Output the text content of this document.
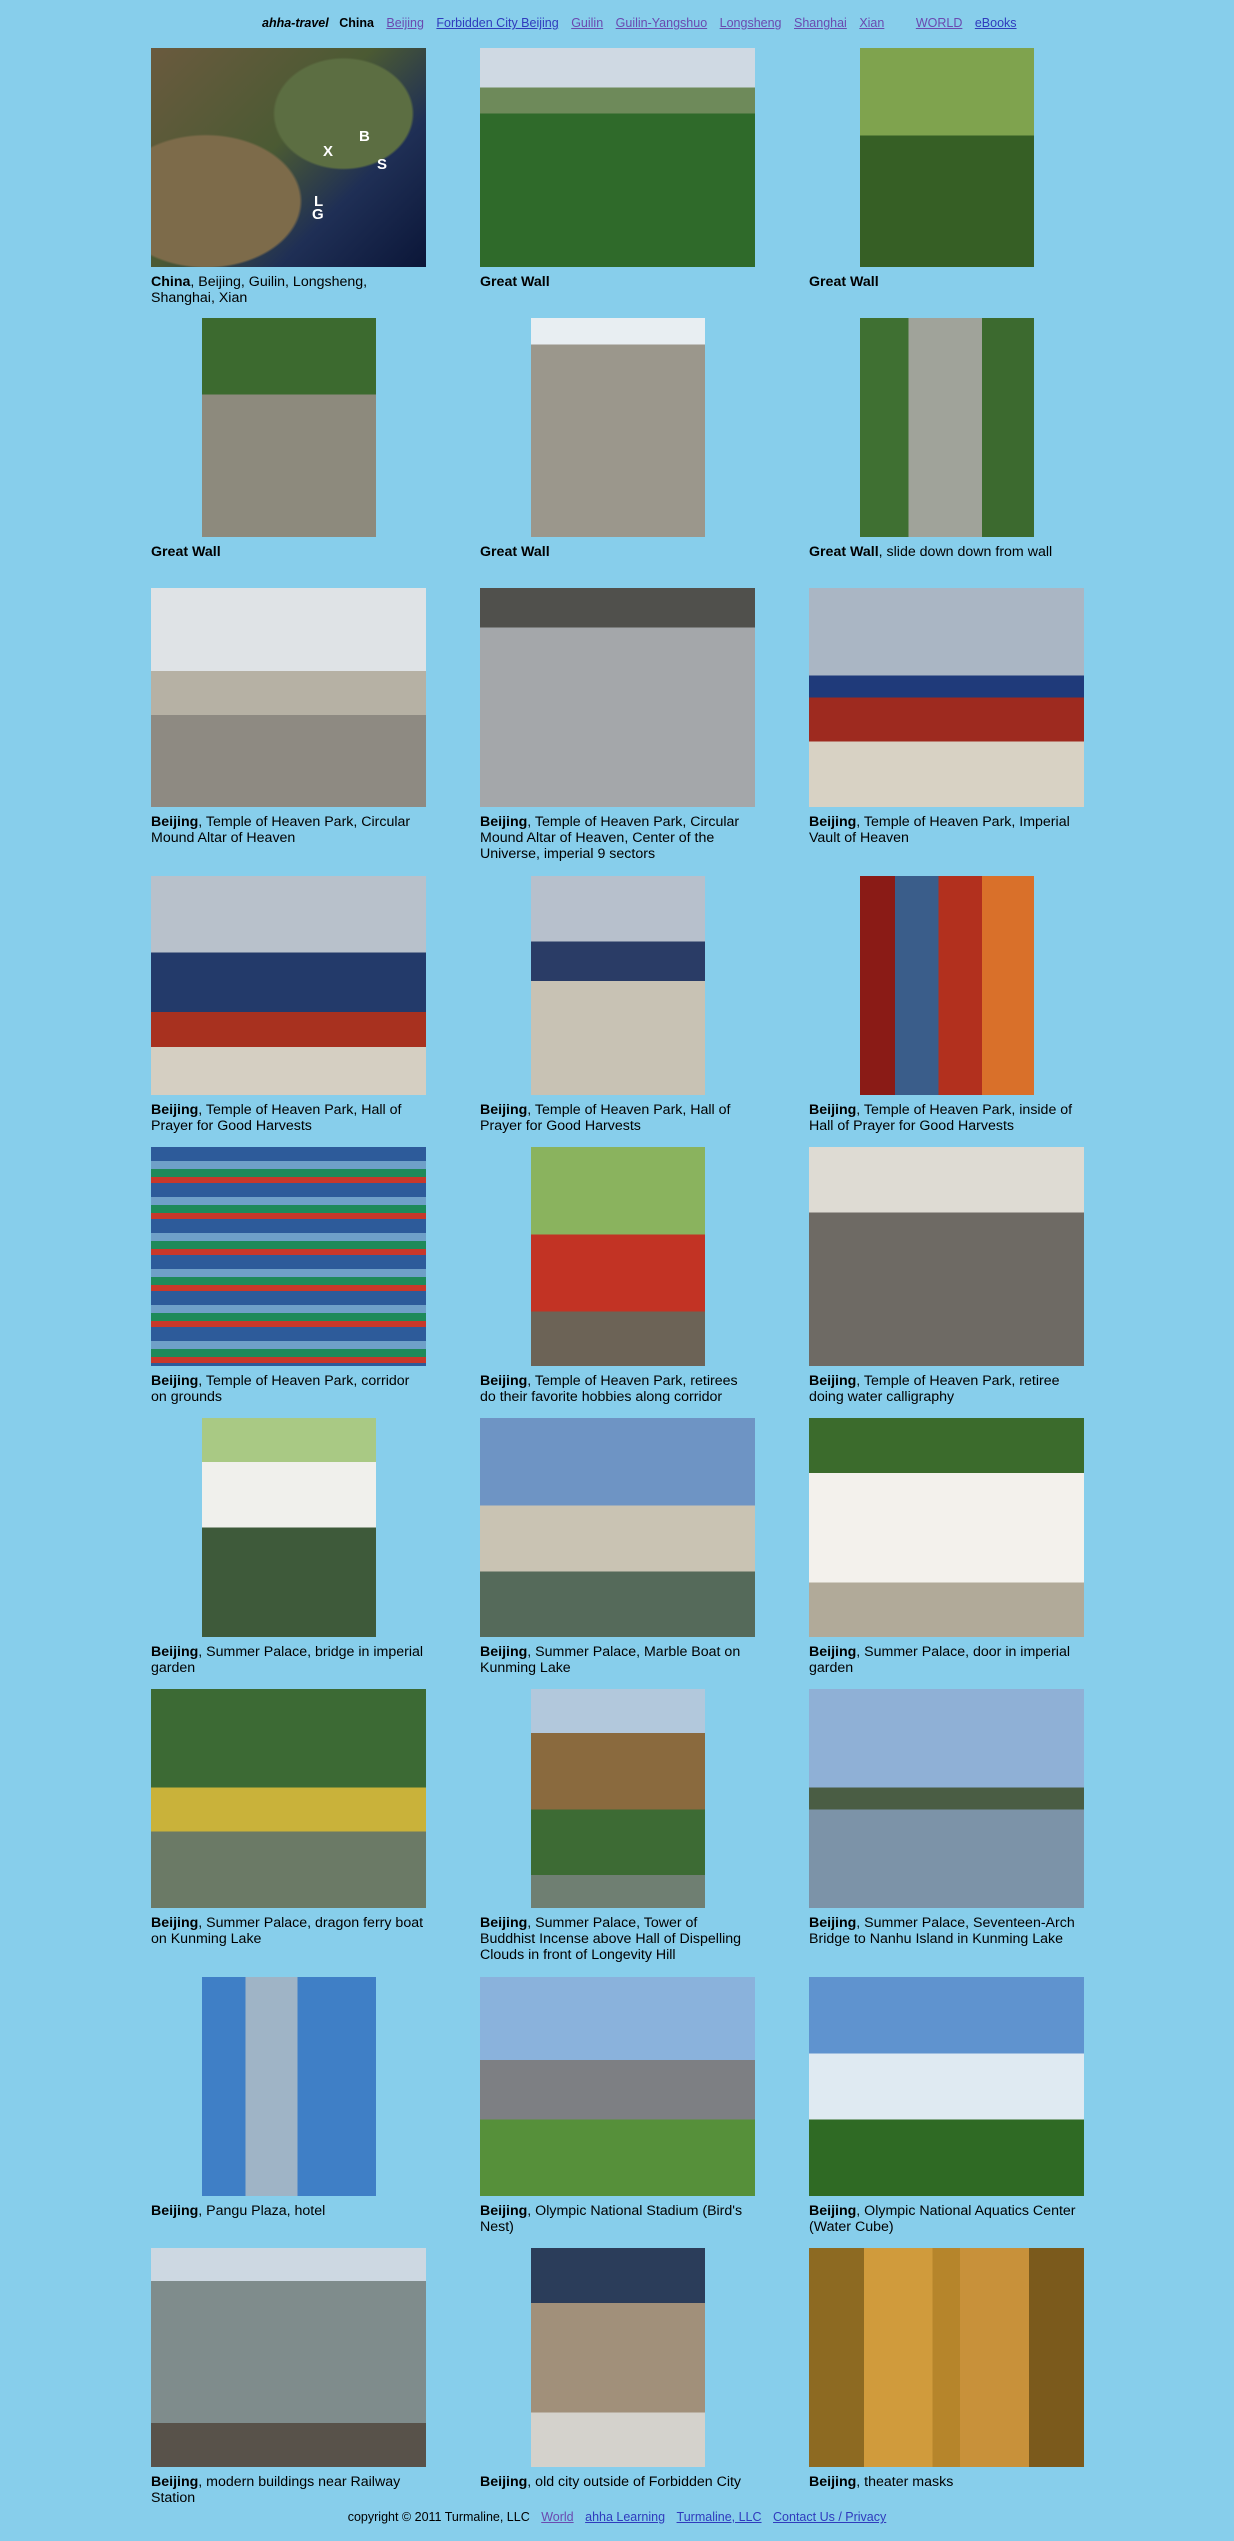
ahha-travel China Beijing Forbidden City Beijing Guilin Guilin-Yangshuo Longsheng Shanghai Xian	WORLD eBooks
B
X
S
L
G

China, Beijing, Guilin, Longsheng, Shanghai, Xian

Great Wall	Great Wall

Great Wall	Great Wall	Great Wall, slide down down from wall

Beijing, Temple of Heaven Park, Circular Mound Altar of Heaven

Beijing, Temple of Heaven Park, Circular Mound Altar of Heaven, Center of the Universe, imperial 9 sectors

Beijing, Temple of Heaven Park, Imperial Vault of Heaven

Beijing, Temple of Heaven Park, Hall of Prayer for Good Harvests

Beijing, Temple of Heaven Park, Hall of Prayer for Good Harvests

Beijing, Temple of Heaven Park, inside of Hall of Prayer for Good Harvests

Beijing, Temple of Heaven Park, corridor on grounds

Beijing, Temple of Heaven Park, retirees do their favorite hobbies along corridor

Beijing, Temple of Heaven Park, retiree doing water calligraphy

Beijing, Summer Palace, bridge in imperial garden

Beijing, Summer Palace, Marble Boat on Kunming Lake

Beijing, Summer Palace, door in imperial garden

Beijing, Summer Palace, dragon ferry boat on Kunming Lake

Beijing, Summer Palace, Tower of Buddhist Incense above Hall of Dispelling Clouds in front of Longevity Hill

Beijing, Summer Palace, Seventeen-Arch Bridge to Nanhu Island in Kunming Lake

Beijing, Pangu Plaza, hotel	Beijing, Olympic National Stadium (Bird's Nest)

Beijing, Olympic National Aquatics Center (Water Cube)

Beijing, modern buildings near Railway Station

Beijing, old city outside of Forbidden City	Beijing, theater masks

copyright © 2011 Turmaline, LLC World ahha Learning Turmaline, LLC Contact Us / Privacy
